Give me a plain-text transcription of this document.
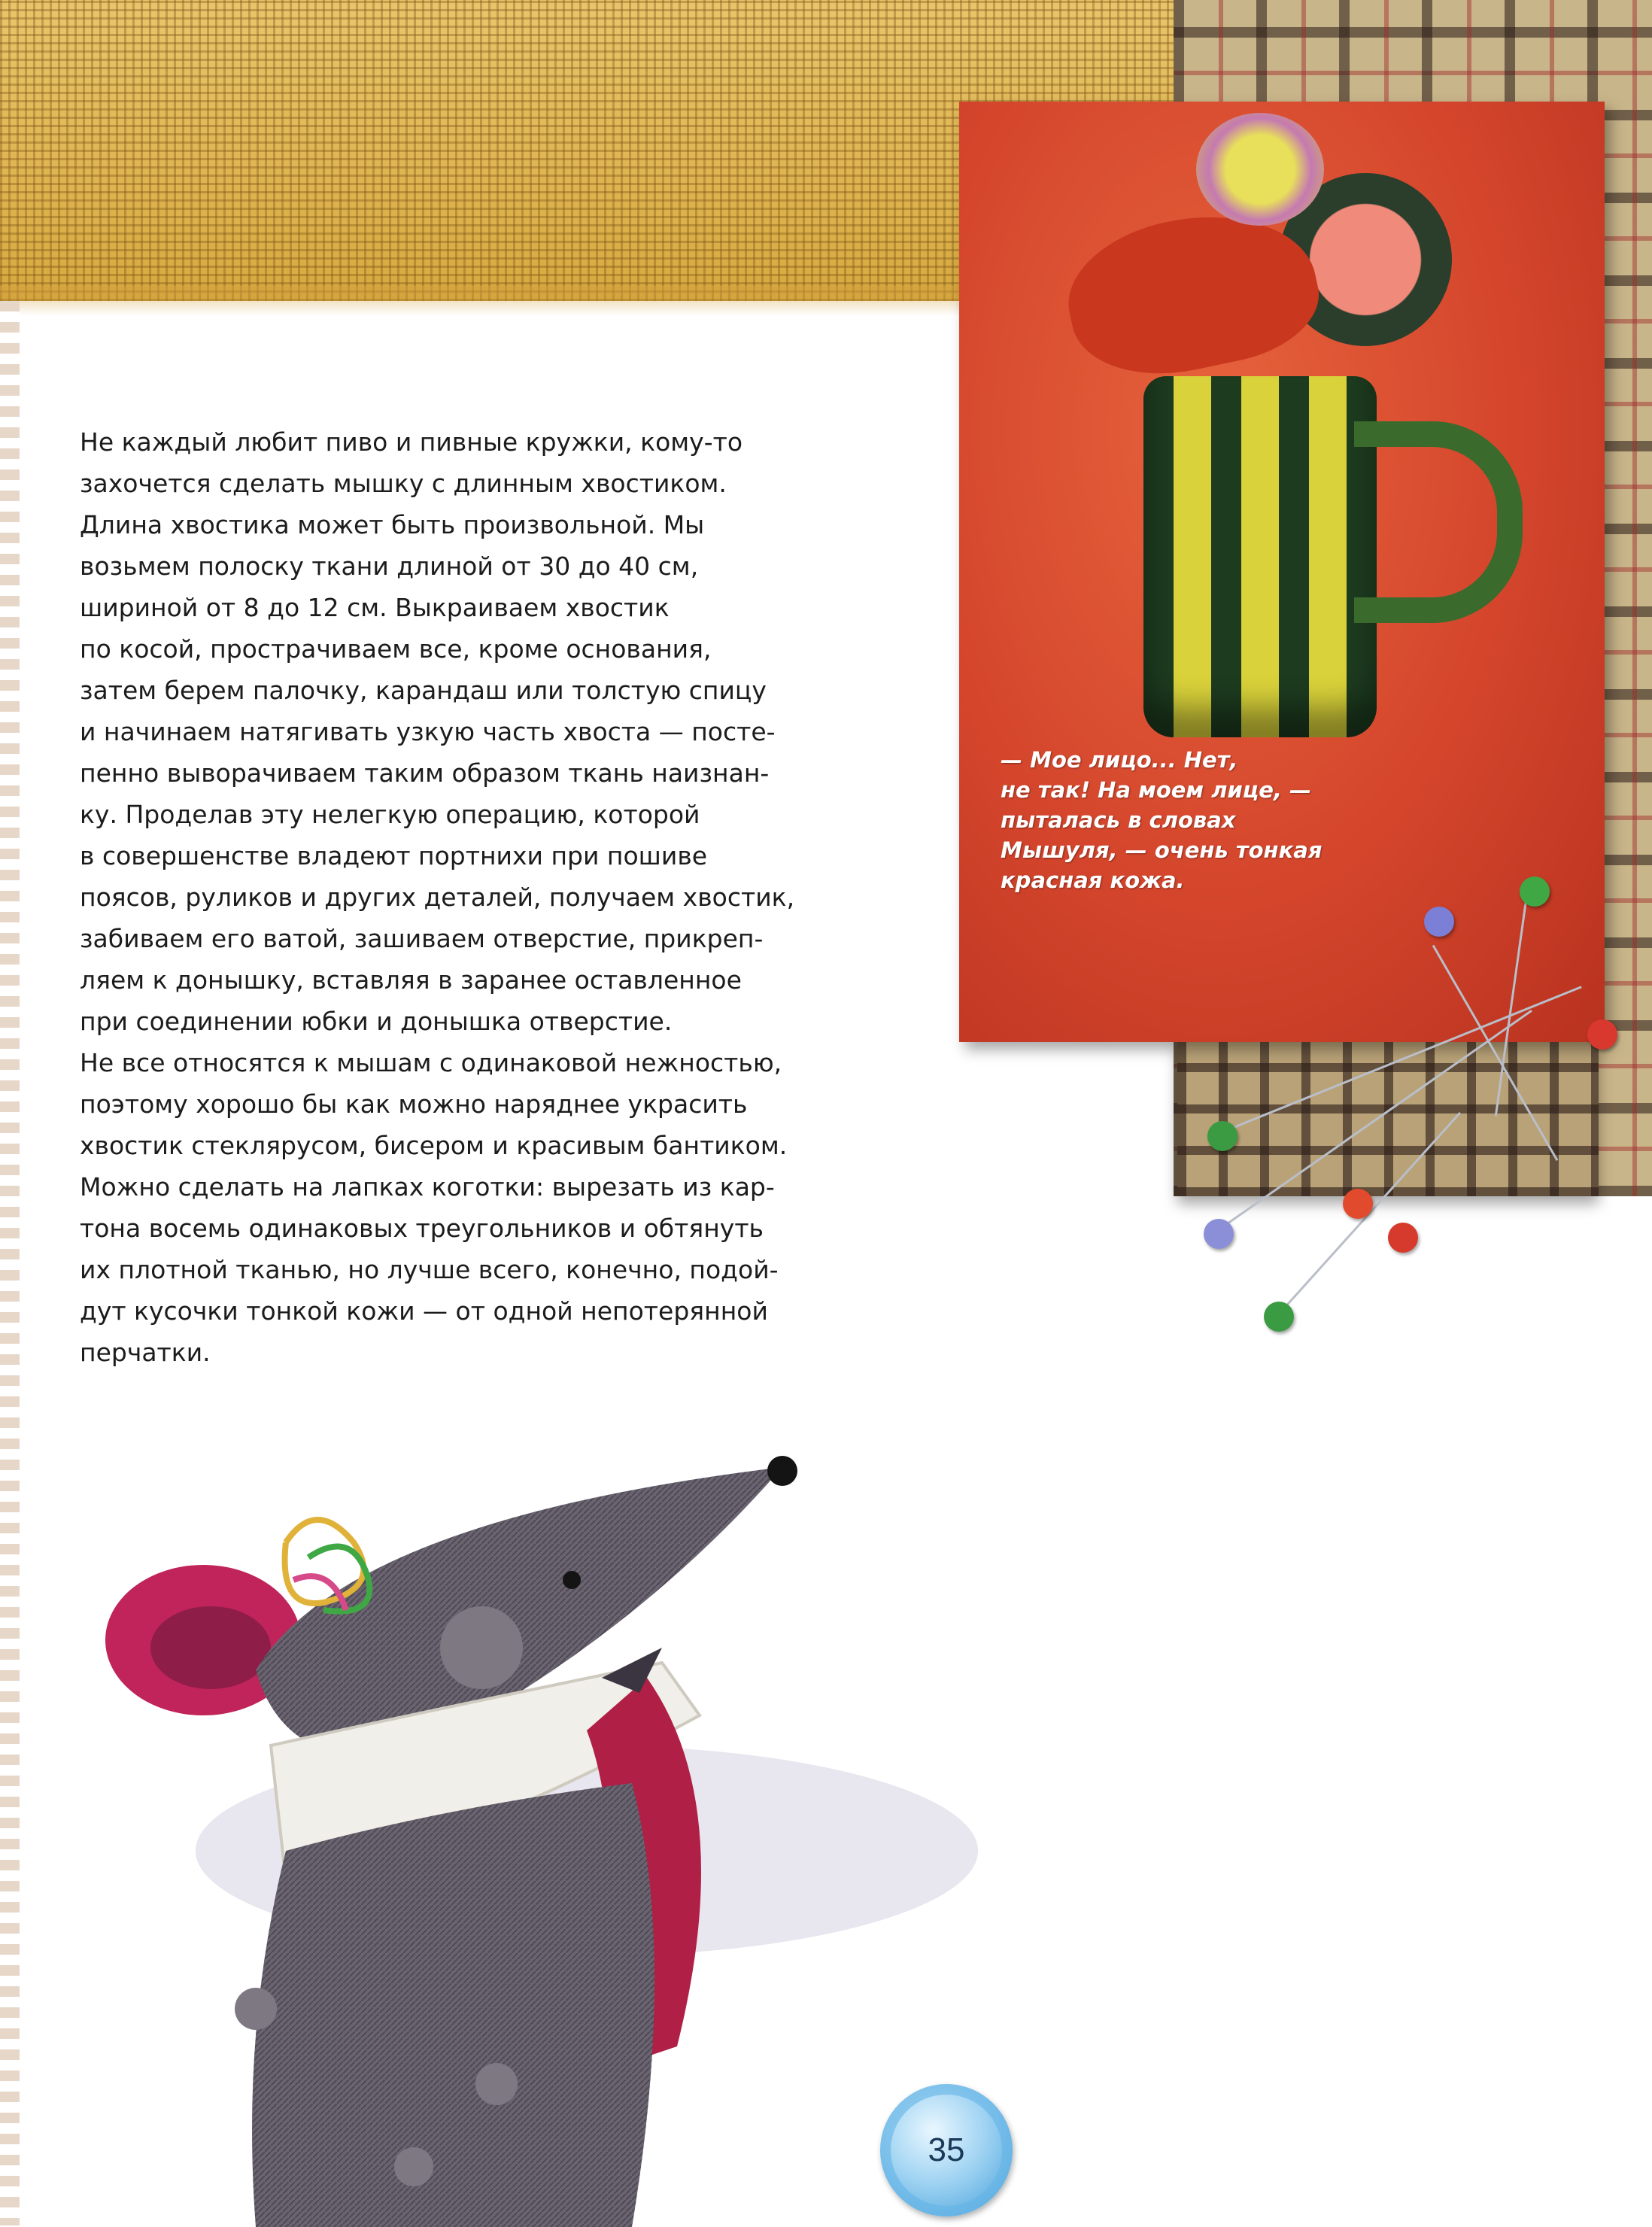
— Мое лицо... Нет,
не так! На моем лице, —
пыталась в словах
Мышуля, — очень тонкая
красная кожа.
Не каждый любит пиво и пивные кружки, кому-то
захочется сделать мышку с длинным хвостиком.
Длина хвостика может быть произвольной. Мы
возьмем полоску ткани длиной от 30 до 40 см,
шириной от 8 до 12 см. Выкраиваем хвостик
по косой, прострачиваем все, кроме основания,
затем берем палочку, карандаш или толстую спицу
и начинаем натягивать узкую часть хвоста — посте-
пенно выворачиваем таким образом ткань наизнан-
ку. Проделав эту нелегкую операцию, которой
в совершенстве владеют портнихи при пошиве
поясов, руликов и других деталей, получаем хвостик,
забиваем его ватой, зашиваем отверстие, прикреп-
ляем к донышку, вставляя в заранее оставленное
при соединении юбки и донышка отверстие.
Не все относятся к мышам с одинаковой нежностью,
поэтому хорошо бы как можно наряднее украсить
хвостик стеклярусом, бисером и красивым бантиком.
Можно сделать на лапках коготки: вырезать из кар-
тона восемь одинаковых треугольников и обтянуть
их плотной тканью, но лучше всего, конечно, подой-
дут кусочки тонкой кожи — от одной непотерянной
перчатки.
35
